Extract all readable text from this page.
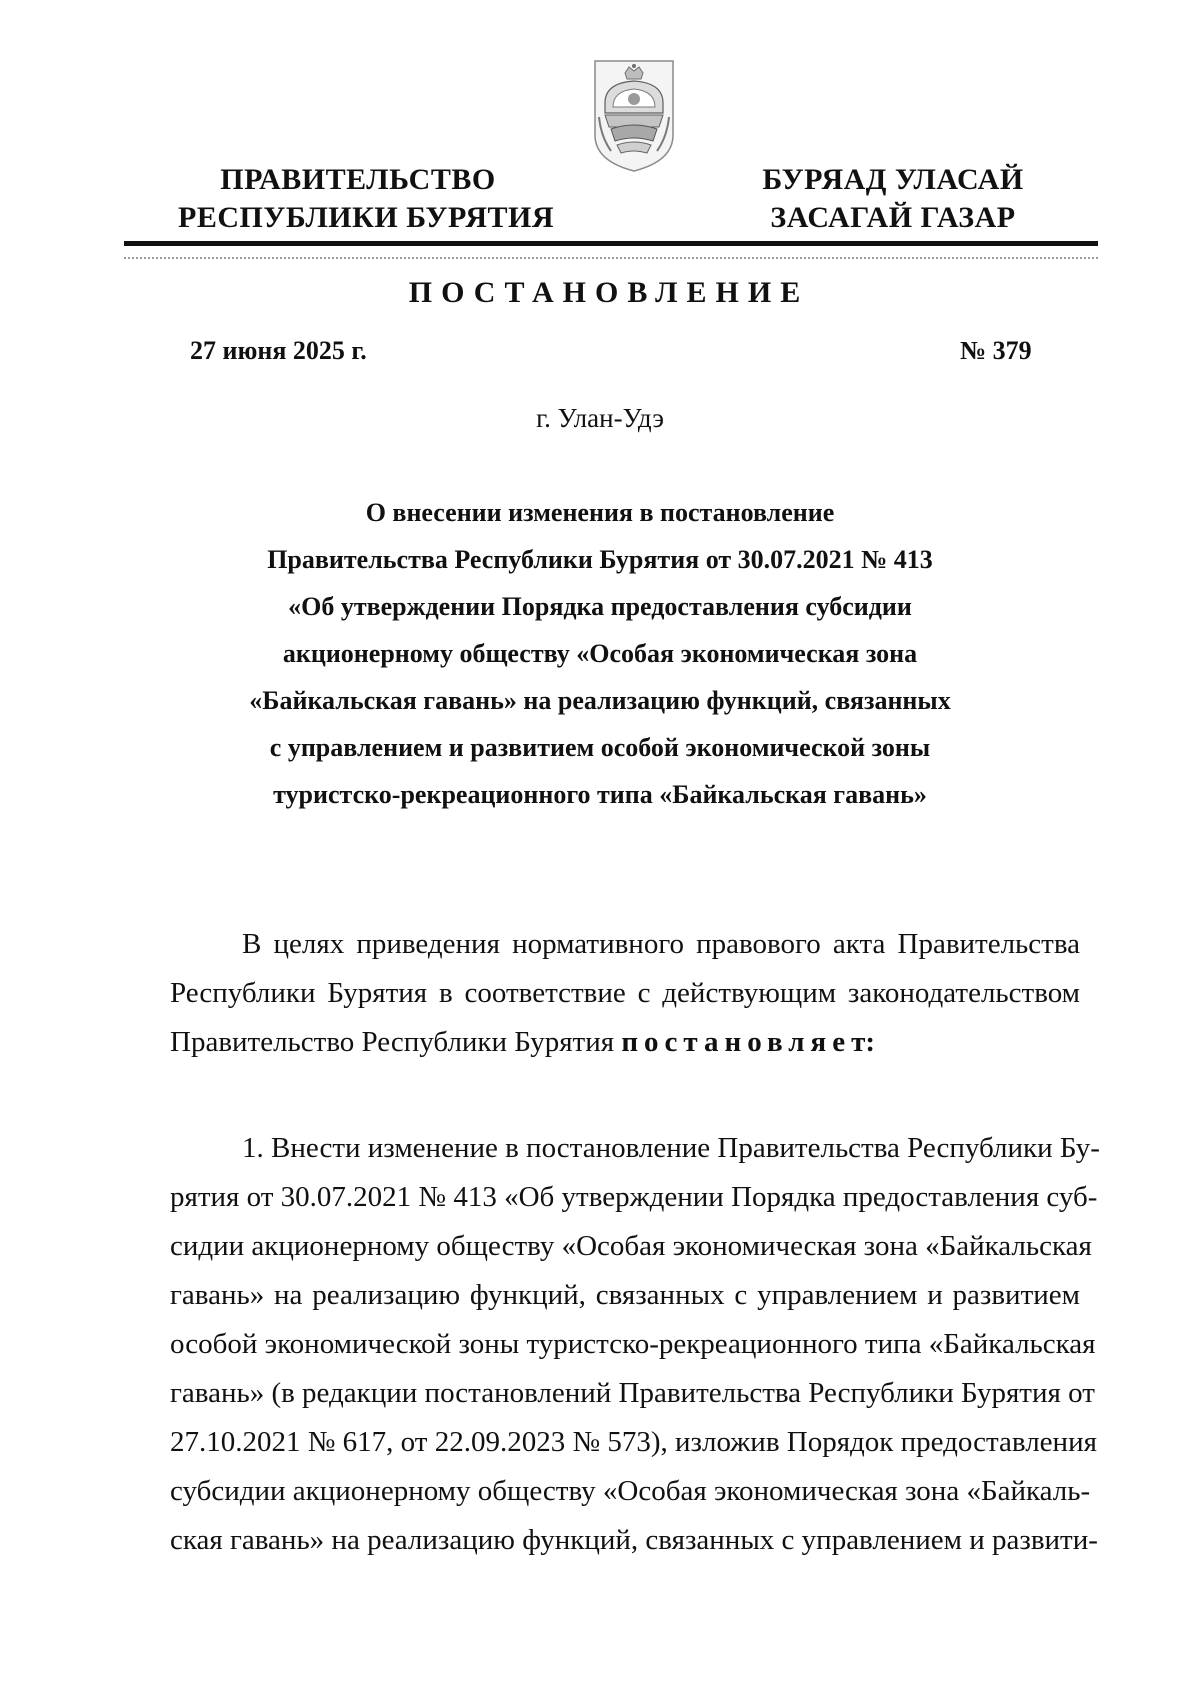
ПРАВИТЕЛЬСТВО
РЕСПУБЛИКИ БУРЯТИЯ
БУРЯАД УЛАСАЙ
ЗАСАГАЙ ГАЗАР
ПОСТАНОВЛЕНИЕ
27 июня 2025 г.	№ 379
г. Улан-Удэ
О внесении изменения в постановление
Правительства Республики Бурятия от 30.07.2021 № 413
«Об утверждении Порядка предоставления субсидии
акционерному обществу «Особая экономическая зона
«Байкальская гавань» на реализацию функций, связанных
с управлением и развитием особой экономической зоны
туристско-рекреационного типа «Байкальская гавань»
В целях приведения нормативного правового акта Правительства
Республики Бурятия в соответствие с действующим законодательством
Правительство Республики Бурятия постановляет:
1. Внести изменение в постановление Правительства Республики Бу-
рятия от 30.07.2021 № 413 «Об утверждении Порядка предоставления суб-
сидии акционерному обществу «Особая экономическая зона «Байкальская
гавань» на реализацию функций, связанных с управлением и развитием
особой экономической зоны туристско-рекреационного типа «Байкальская
гавань» (в редакции постановлений Правительства Республики Бурятия от
27.10.2021 № 617, от 22.09.2023 № 573), изложив Порядок предоставления
субсидии акционерному обществу «Особая экономическая зона «Байкаль-
ская гавань» на реализацию функций, связанных с управлением и развити-
